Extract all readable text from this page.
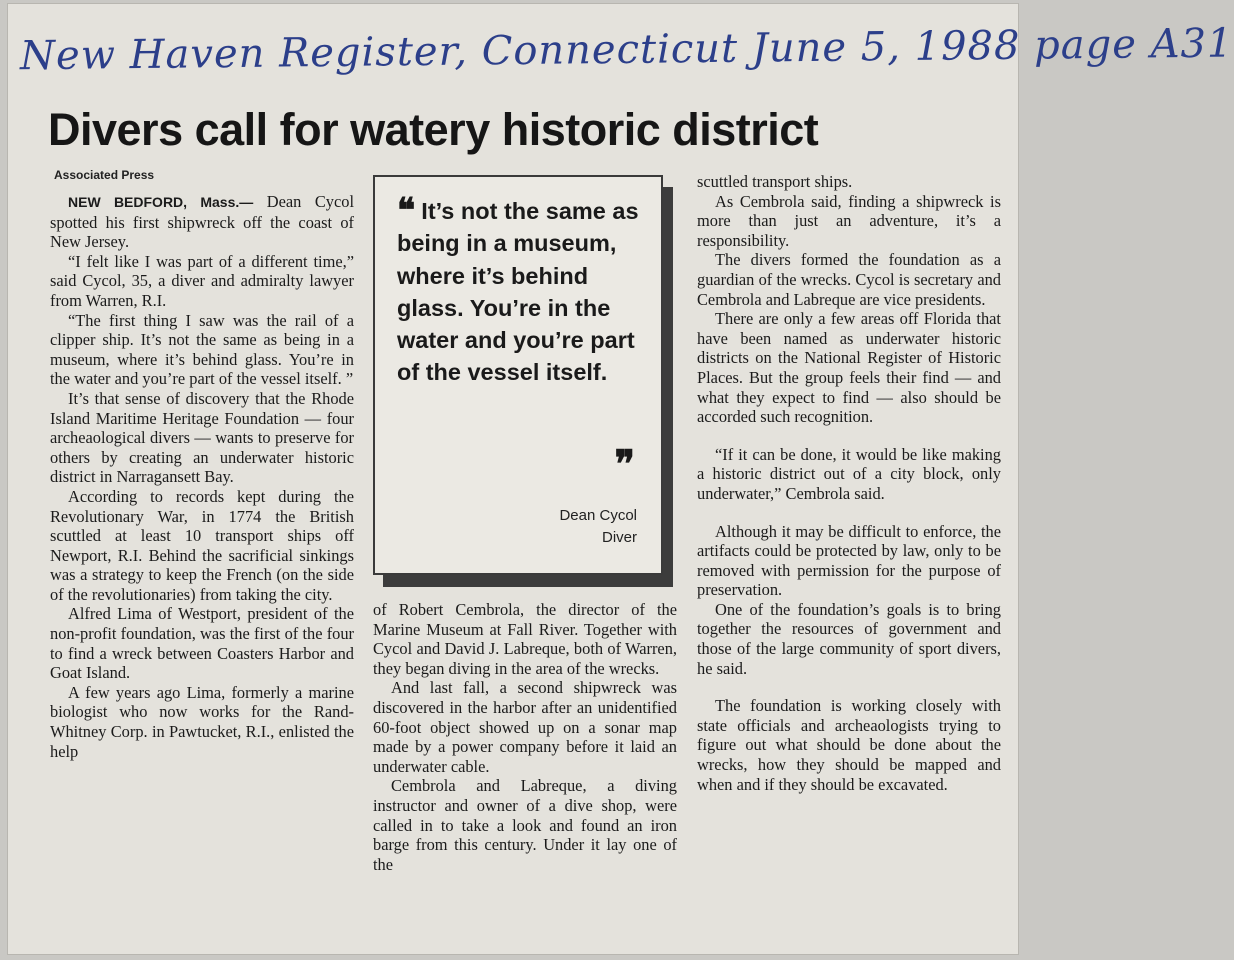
New Haven Register, Connecticut June 5, 1988 page A31
Divers call for watery historic district
Associated Press

NEW BEDFORD, Mass.— Dean Cycol spotted his first shipwreck off the coast of New Jersey.

“I felt like I was part of a different time,” said Cycol, 35, a diver and admiralty lawyer from Warren, R.I.

“The first thing I saw was the rail of a clipper ship. It’s not the same as being in a museum, where it’s behind glass. You’re in the water and you’re part of the vessel itself. ”

It’s that sense of discovery that the Rhode Island Maritime Heritage Foundation — four archeaological divers — wants to preserve for others by creating an underwater historic district in Narragansett Bay.

According to records kept during the Revolutionary War, in 1774 the British scuttled at least 10 transport ships off Newport, R.I. Behind the sacrificial sinkings was a strategy to keep the French (on the side of the revolutionaries) from taking the city.

Alfred Lima of Westport, president of the non-profit foundation, was the first of the four to find a wreck between Coasters Harbor and Goat Island.

A few years ago Lima, formerly a marine biologist who now works for the Rand-Whitney Corp. in Pawtucket, R.I., enlisted the help

❝ It’s not the same as being in a museum, where it’s behind glass. You’re in the water and you’re part of the vessel itself.
❞
Dean Cycol
Diver

of Robert Cembrola, the director of the Marine Museum at Fall River. Together with Cycol and David J. Labreque, both of Warren, they began diving in the area of the wrecks.

And last fall, a second shipwreck was discovered in the harbor after an unidentified 60-foot object showed up on a sonar map made by a power company before it laid an underwater cable.

Cembrola and Labreque, a diving instructor and owner of a dive shop, were called in to take a look and found an iron barge from this century. Under it lay one of the

scuttled transport ships.

As Cembrola said, finding a shipwreck is more than just an adventure, it’s a responsibility.

The divers formed the foundation as a guardian of the wrecks. Cycol is secretary and Cembrola and Labreque are vice presidents.

There are only a few areas off Florida that have been named as underwater historic districts on the National Register of Historic Places. But the group feels their find — and what they expect to find — also should be accorded such recognition.

“If it can be done, it would be like making a historic district out of a city block, only underwater,” Cembrola said.

Although it may be difficult to enforce, the artifacts could be protected by law, only to be removed with permission for the purpose of preservation.

One of the foundation’s goals is to bring together the resources of government and those of the large community of sport divers, he said.

The foundation is working closely with state officials and archeaologists trying to figure out what should be done about the wrecks, how they should be mapped and when and if they should be excavated.
